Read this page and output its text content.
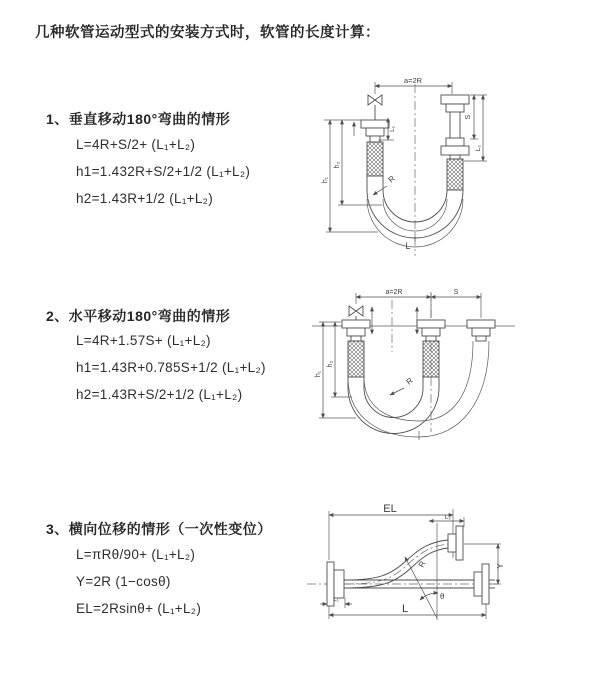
几种软管运动型式的安装方式时，软管的长度计算：
1、垂直移动180°弯曲的情形
L=4R+S/2+ (L₁+L₂)
h1=1.432R+S/2+1/2 (L₁+L₂)
h2=1.43R+1/2 (L₁+L₂)
2、水平移动180°弯曲的情形
L=4R+1.57S+ (L₁+L₂)
h1=1.43R+0.785S+1/2 (L₁+L₂)
h2=1.43R+S/2+1/2 (L₁+L₂)
3、横向位移的情形（一次性变位）
L=πRθ/90+ (L₁+L₂)
Y=2R (1−cosθ)
EL=2Rsinθ+ (L₁+L₂)
a=2R
h₁
h₂
L₁
S
L₂
R
L
a=2R	S
h₁
h₂
R
EL
L₂
R
θ
Y
L₁
L
